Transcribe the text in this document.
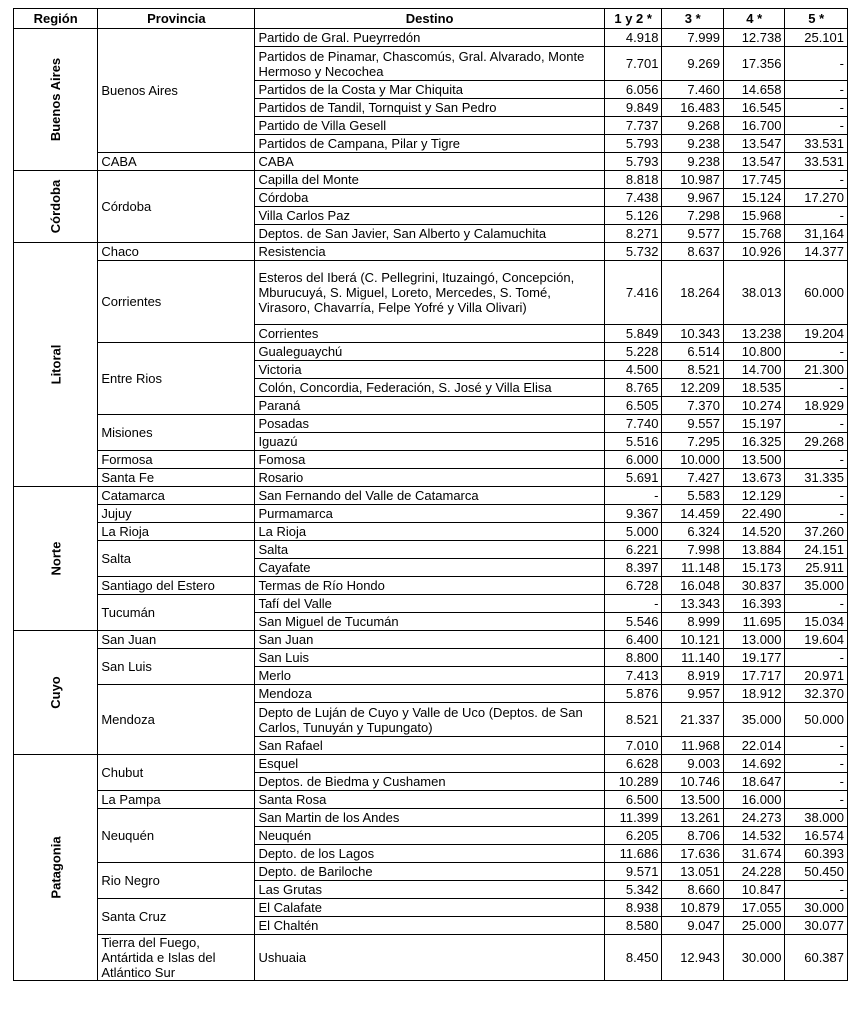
Región	Provincia	Destino	1 y 2 *	3 *	4 *	5 *
Buenos Aires	Buenos Aires	Partido de Gral. Pueyrredón	4.918	7.999	12.738	25.101
		Partidos de Pinamar, Chascomús, Gral. Alvarado, Monte Hermoso y Necochea	7.701	9.269	17.356	-
		Partidos de la Costa y Mar Chiquita	6.056	7.460	14.658	-
		Partidos de Tandil, Tornquist y San Pedro	9.849	16.483	16.545	-
		Partido de Villa Gesell	7.737	9.268	16.700	-
		Partidos de Campana, Pilar y Tigre	5.793	9.238	13.547	33.531
	CABA	CABA	5.793	9.238	13.547	33.531
Córdoba	Córdoba	Capilla del Monte	8.818	10.987	17.745	-
		Córdoba	7.438	9.967	15.124	17.270
		Villa Carlos Paz	5.126	7.298	15.968	-
		Deptos. de San Javier, San Alberto y Calamuchita	8.271	9.577	15.768	31,164
Litoral	Chaco	Resistencia	5.732	8.637	10.926	14.377
	Corrientes	Esteros del Iberá (C. Pellegrini, Ituzaingó, Concepción, Mburucuyá, S. Miguel, Loreto, Mercedes, S. Tomé, Virasoro, Chavarría, Felpe Yofré y Villa Olivari)	7.416	18.264	38.013	60.000
		Corrientes	5.849	10.343	13.238	19.204
	Entre Rios	Gualeguaychú	5.228	6.514	10.800	-
		Victoria	4.500	8.521	14.700	21.300
		Colón, Concordia, Federación, S. José y Villa Elisa	8.765	12.209	18.535	-
		Paraná	6.505	7.370	10.274	18.929
	Misiones	Posadas	7.740	9.557	15.197	-
		Iguazú	5.516	7.295	16.325	29.268
	Formosa	Fomosa	6.000	10.000	13.500	-
	Santa Fe	Rosario	5.691	7.427	13.673	31.335
Norte	Catamarca	San Fernando del Valle de Catamarca	-	5.583	12.129	-
	Jujuy	Purmamarca	9.367	14.459	22.490	-
	La Rioja	La Rioja	5.000	6.324	14.520	37.260
	Salta	Salta	6.221	7.998	13.884	24.151
		Cayafate	8.397	11.148	15.173	25.911
	Santiago del Estero	Termas de Río Hondo	6.728	16.048	30.837	35.000
	Tucumán	Tafí del Valle	-	13.343	16.393	-
		San Miguel de Tucumán	5.546	8.999	11.695	15.034
Cuyo	San Juan	San Juan	6.400	10.121	13.000	19.604
	San Luis	San Luis	8.800	11.140	19.177	-
		Merlo	7.413	8.919	17.717	20.971
	Mendoza	Mendoza	5.876	9.957	18.912	32.370
		Depto de Luján de Cuyo y Valle de Uco (Deptos. de San Carlos, Tunuyán y Tupungato)	8.521	21.337	35.000	50.000
		San Rafael	7.010	11.968	22.014	-
Patagonia	Chubut	Esquel	6.628	9.003	14.692	-
		Deptos. de Biedma y Cushamen	10.289	10.746	18.647	-
	La Pampa	Santa Rosa	6.500	13.500	16.000	-
	Neuquén	San Martin de los Andes	11.399	13.261	24.273	38.000
		Neuquén	6.205	8.706	14.532	16.574
		Depto. de los Lagos	11.686	17.636	31.674	60.393
	Rio Negro	Depto. de Bariloche	9.571	13.051	24.228	50.450
		Las Grutas	5.342	8.660	10.847	-
	Santa Cruz	El Calafate	8.938	10.879	17.055	30.000
		El Chaltén	8.580	9.047	25.000	30.077
	Tierra del Fuego, Antártida e Islas del Atlántico Sur	Ushuaia	8.450	12.943	30.000	60.387
